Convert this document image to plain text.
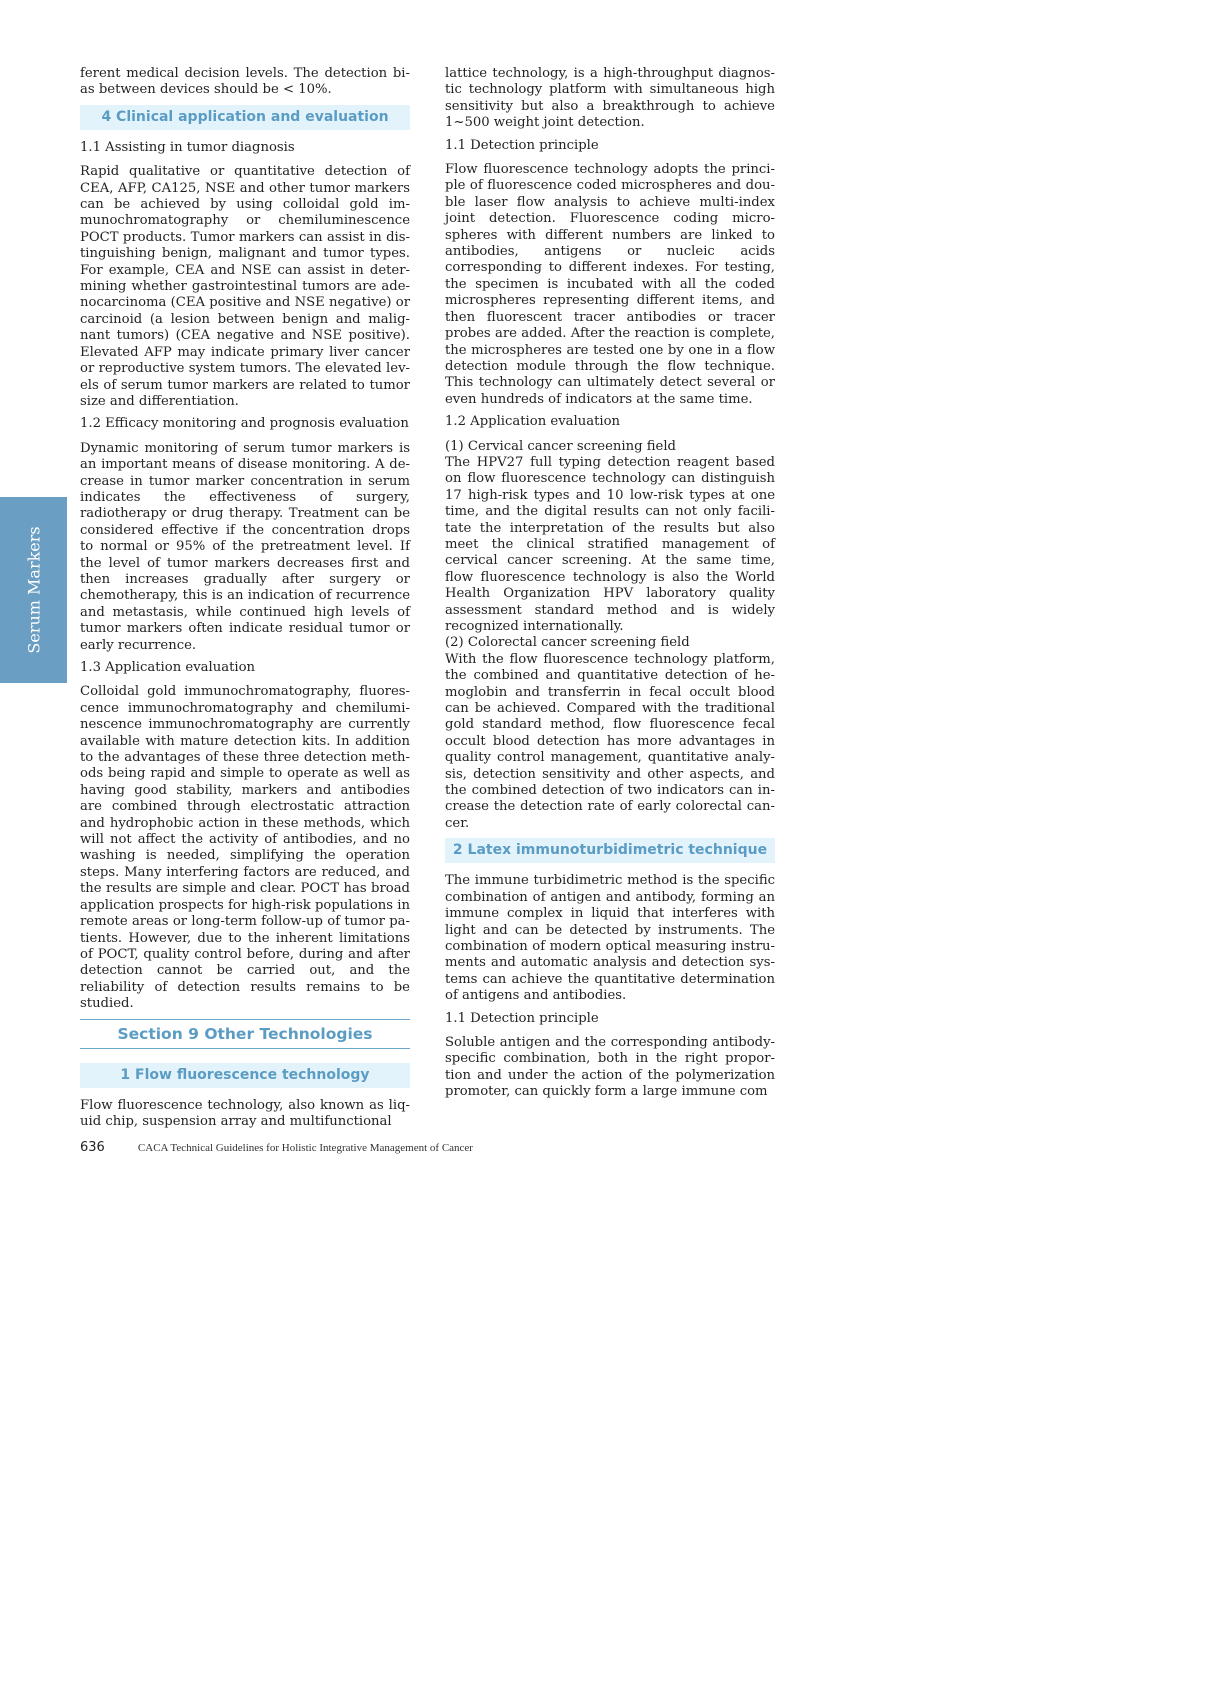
Serum Markers

ferent medical decision levels. The detection bias between devices should be < 10%.

4 Clinical application and evaluation

1.1 Assisting in tumor diagnosis

Rapid qualitative or quantitative detection of CEA, AFP, CA125, NSE and other tumor markers can be achieved by using colloidal gold immunochromatography or chemiluminescence POCT products. Tumor markers can assist in distinguishing benign, malignant and tumor types. For example, CEA and NSE can assist in determining whether gastrointestinal tumors are adenocarcinoma (CEA positive and NSE negative) or carcinoid (a lesion between benign and malignant tumors) (CEA negative and NSE positive). Elevated AFP may indicate primary liver cancer or reproductive system tumors. The elevated levels of serum tumor markers are related to tumor size and differentiation.

1.2 Efficacy monitoring and prognosis evaluation

Dynamic monitoring of serum tumor markers is an important means of disease monitoring. A decrease in tumor marker concentration in serum indicates the effectiveness of surgery, radiotherapy or drug therapy. Treatment can be considered effective if the concentration drops to normal or 95% of the pretreatment level. If the level of tumor markers decreases first and then increases gradually after surgery or chemotherapy, this is an indication of recurrence and metastasis, while continued high levels of tumor markers often indicate residual tumor or early recurrence.

1.3 Application evaluation

Colloidal gold immunochromatography, fluorescence immunochromatography and chemiluminescence immunochromatography are currently available with mature detection kits. In addition to the advantages of these three detection methods being rapid and simple to operate as well as having good stability, markers and antibodies are combined through electrostatic attraction and hydrophobic action in these methods, which will not affect the activity of antibodies, and no washing is needed, simplifying the operation steps. Many interfering factors are reduced, and the results are simple and clear. POCT has broad application prospects for high-risk populations in remote areas or long-term follow-up of tumor patients. However, due to the inherent limitations of POCT, quality control before, during and after detection cannot be carried out, and the reliability of detection results remains to be studied.

Section 9 Other Technologies
1 Flow fluorescence technology

Flow fluorescence technology, also known as liquid chip, suspension array and multifunctional

lattice technology, is a high-throughput diagnostic technology platform with simultaneous high sensitivity but also a breakthrough to achieve 1~500 weight joint detection.

1.1 Detection principle

Flow fluorescence technology adopts the principle of fluorescence coded microspheres and double laser flow analysis to achieve multi-index joint detection. Fluorescence coding microspheres with different numbers are linked to antibodies, antigens or nucleic acids corresponding to different indexes. For testing, the specimen is incubated with all the coded microspheres representing different items, and then fluorescent tracer antibodies or tracer probes are added. After the reaction is complete, the microspheres are tested one by one in a flow detection module through the flow technique. This technology can ultimately detect several or even hundreds of indicators at the same time.

1.2 Application evaluation

(1) Cervical cancer screening field

The HPV27 full typing detection reagent based on flow fluorescence technology can distinguish 17 high-risk types and 10 low-risk types at one time, and the digital results can not only facilitate the interpretation of the results but also meet the clinical stratified management of cervical cancer screening. At the same time, flow fluorescence technology is also the World Health Organization HPV laboratory quality assessment standard method and is widely recognized internationally.

(2) Colorectal cancer screening field

With the flow fluorescence technology platform, the combined and quantitative detection of hemoglobin and transferrin in fecal occult blood can be achieved. Compared with the traditional gold standard method, flow fluorescence fecal occult blood detection has more advantages in quality control management, quantitative analysis, detection sensitivity and other aspects, and the combined detection of two indicators can increase the detection rate of early colorectal cancer.

2 Latex immunoturbidimetric technique

The immune turbidimetric method is the specific combination of antigen and antibody, forming an immune complex in liquid that interferes with light and can be detected by instruments. The combination of modern optical measuring instruments and automatic analysis and detection systems can achieve the quantitative determination of antigens and antibodies.

1.1 Detection principle

Soluble antigen and the corresponding antibody-specific combination, both in the right proportion and under the action of the polymerization promoter, can quickly form a large immune com

636	CACA Technical Guidelines for Holistic Integrative Management of Cancer
